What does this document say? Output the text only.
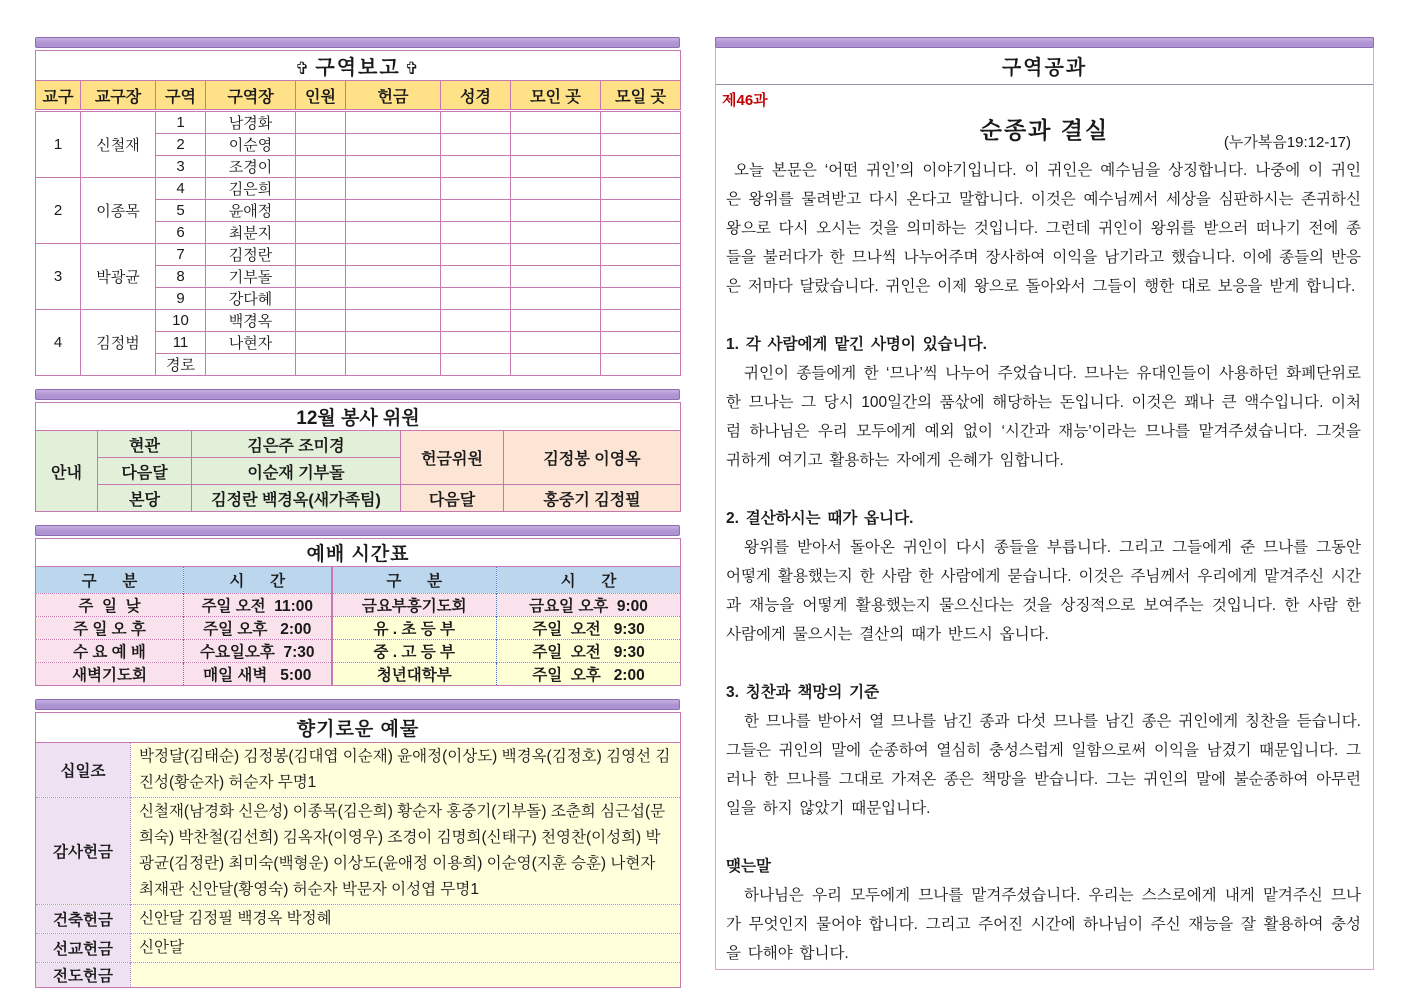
✞ 구역보고 ✞								
교구	교구장	구역	구역장	인원	헌금	성경	모인 곳	모일 곳
1	신철재	1	남경화					
		2	이순영					
		3	조경이					
2	이종목	4	김은희					
		5	윤애정					
		6	최분지					
3	박광균	7	김정란					
		8	기부돌					
		9	강다혜					
4	김정범	10	백경옥					
		11	나현자					
		경로						
12월 봉사 위원				
안내	현관	김은주 조미경	헌금위원	김정봉 이영옥
	다음달	이순재 기부돌		
	본당	김정란 백경옥(새가족팀)	다음달	홍중기 김정필
예배 시간표			
구      분	시      간	구      분	시      간
주  일  낮	주일 오전  11:00	금요부흥기도회	금요일 오후  9:00
주 일 오 후	주일 오후   2:00	유 . 초 등 부	주일  오전   9:30
수 요 예 배	수요일오후  7:30	중 . 고 등 부	주일  오전   9:30
새벽기도회	매일 새벽   5:00	청년대학부	주일  오후   2:00
향기로운 예물	
십일조	박정달(김태순) 김정봉(김대엽 이순재) 윤애정(이상도) 백경옥(김정호) 김영선 김진성(황순자) 허순자 무명1
감사헌금	신철재(남경화 신은성) 이종목(김은희) 황순자 홍중기(기부돌) 조춘희 심근섭(문희숙) 박찬철(김선희) 김옥자(이영우) 조경이 김명희(신태구) 천영찬(이성희) 박광균(김정란) 최미숙(백형운) 이상도(윤애정 이용희) 이순영(지훈 승훈) 나현자 최재관 신안달(황영숙) 허순자 박문자 이성엽 무명1
건축헌금	신안달 김정필 백경옥 박정혜
선교헌금	신안달
전도헌금	
구역공과
제46과
순종과 결실	(누가복음19:12-17)

오늘 본문은 ‘어떤 귀인’의 이야기입니다. 이 귀인은 예수님을 상징합니다. 나중에 이 귀인은 왕위를 물려받고 다시 온다고 말합니다. 이것은 예수님께서 세상을 심판하시는 존귀하신 왕으로 다시 오시는 것을 의미하는 것입니다. 그런데 귀인이 왕위를 받으러 떠나기 전에 종들을 불러다가 한 므나씩 나누어주며 장사하여 이익을 남기라고 했습니다. 이에 종들의 반응은 저마다 달랐습니다. 귀인은 이제 왕으로 돌아와서 그들이 행한 대로 보응을 받게 합니다.

1. 각 사람에게 맡긴 사명이 있습니다.

귀인이 종들에게 한 ‘므나’씩 나누어 주었습니다. 므나는 유대인들이 사용하던 화폐단위로 한 므나는 그 당시 100일간의 품삯에 해당하는 돈입니다. 이것은 꽤나 큰 액수입니다. 이처럼 하나님은 우리 모두에게 예외 없이 ‘시간과 재능’이라는 므나를 맡겨주셨습니다. 그것을 귀하게 여기고 활용하는 자에게 은혜가 임합니다.

2. 결산하시는 때가 옵니다.

왕위를 받아서 돌아온 귀인이 다시 종들을 부릅니다. 그리고 그들에게 준 므나를 그동안 어떻게 활용했는지 한 사람 한 사람에게 묻습니다. 이것은 주님께서 우리에게 맡겨주신 시간과 재능을 어떻게 활용했는지 물으신다는 것을 상징적으로 보여주는 것입니다. 한 사람 한 사람에게 물으시는 결산의 때가 반드시 옵니다.

3. 칭찬과 책망의 기준

한 므나를 받아서 열 므나를 남긴 종과 다섯 므나를 남긴 종은 귀인에게 칭찬을 듣습니다. 그들은 귀인의 말에 순종하여 열심히 충성스럽게 일함으로써 이익을 남겼기 때문입니다. 그러나 한 므나를 그대로 가져온 종은 책망을 받습니다. 그는 귀인의 말에 불순종하여 아무런 일을 하지 않았기 때문입니다.

맺는말

하나님은 우리 모두에게 므나를 맡겨주셨습니다. 우리는 스스로에게 내게 맡겨주신 므나가 무엇인지 물어야 합니다. 그리고 주어진 시간에 하나님이 주신 재능을 잘 활용하여 충성을 다해야 합니다.
